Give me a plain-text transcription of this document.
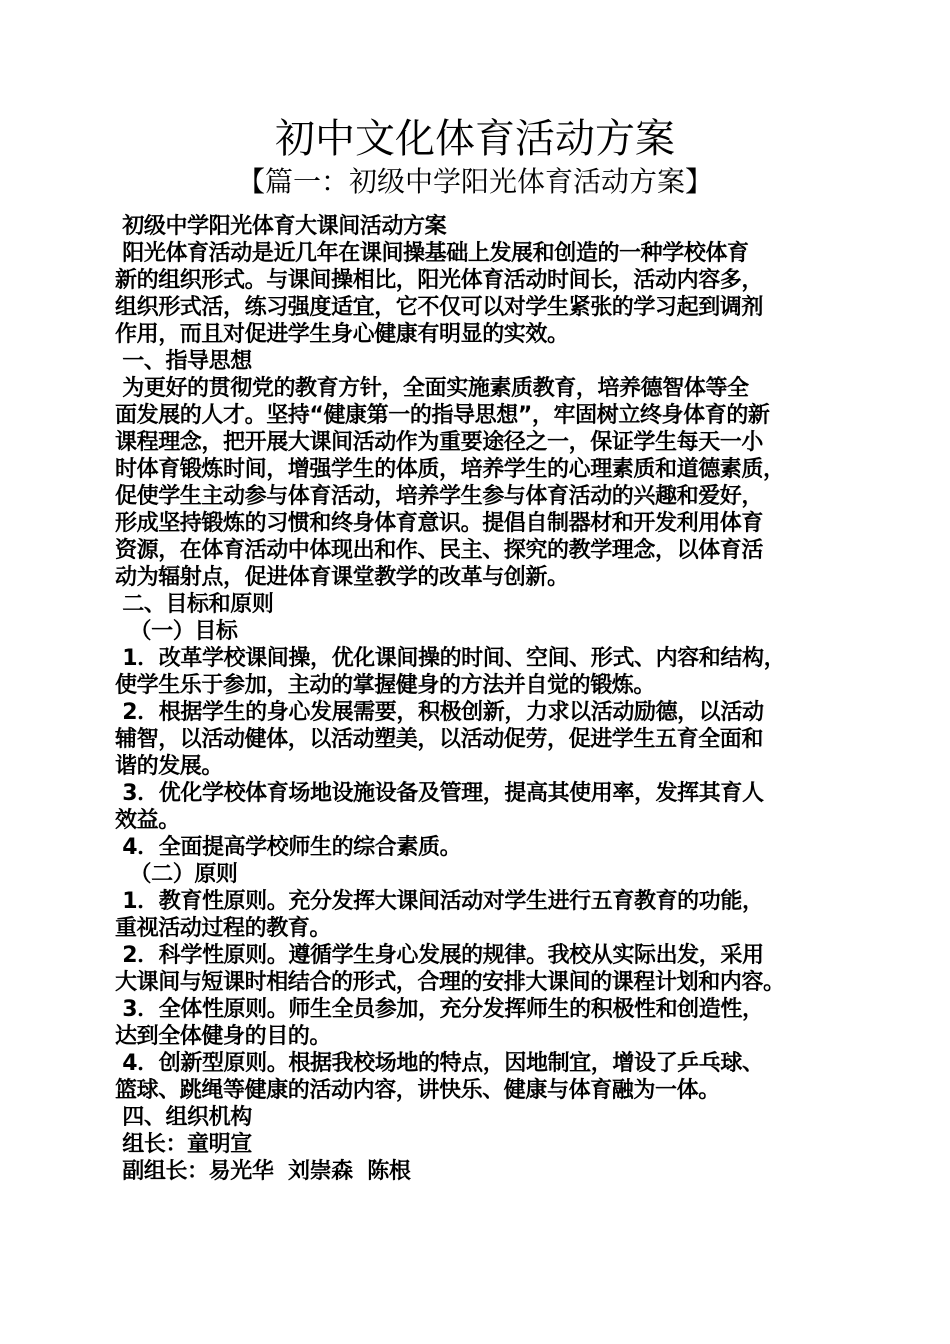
初中文化体育活动方案
【篇一：初级中学阳光体育活动方案】
初级中学阳光体育大课间活动方案
阳光体育活动是近几年在课间操基础上发展和创造的一种学校体育
新的组织形式。与课间操相比，阳光体育活动时间长，活动内容多，
组织形式活，练习强度适宜，它不仅可以对学生紧张的学习起到调剂
作用，而且对促进学生身心健康有明显的实效。
一、指导思想
为更好的贯彻党的教育方针，全面实施素质教育，培养德智体等全
面发展的人才。坚持“健康第一的指导思想”，牢固树立终身体育的新
课程理念，把开展大课间活动作为重要途径之一，保证学生每天一小
时体育锻炼时间，增强学生的体质，培养学生的心理素质和道德素质，
促使学生主动参与体育活动，培养学生参与体育活动的兴趣和爱好，
形成坚持锻炼的习惯和终身体育意识。提倡自制器材和开发利用体育
资源，在体育活动中体现出和作、民主、探究的教学理念，以体育活
动为辐射点，促进体育课堂教学的改革与创新。
二、目标和原则
（一）目标
1．改革学校课间操，优化课间操的时间、空间、形式、内容和结构，
使学生乐于参加，主动的掌握健身的方法并自觉的锻炼。
2．根据学生的身心发展需要，积极创新，力求以活动励德，以活动
辅智，以活动健体，以活动塑美，以活动促劳，促进学生五育全面和
谐的发展。
3．优化学校体育场地设施设备及管理，提高其使用率，发挥其育人
效益。
4．全面提高学校师生的综合素质。
（二）原则
1．教育性原则。充分发挥大课间活动对学生进行五育教育的功能，
重视活动过程的教育。
2．科学性原则。遵循学生身心发展的规律。我校从实际出发，采用
大课间与短课时相结合的形式，合理的安排大课间的课程计划和内容。
3．全体性原则。师生全员参加，充分发挥师生的积极性和创造性，
达到全体健身的目的。
4．创新型原则。根据我校场地的特点，因地制宜，增设了乒乓球、
篮球、跳绳等健康的活动内容，讲快乐、健康与体育融为一体。
四、组织机构
组长：童明宣
副组长：易光华  刘崇森  陈根
